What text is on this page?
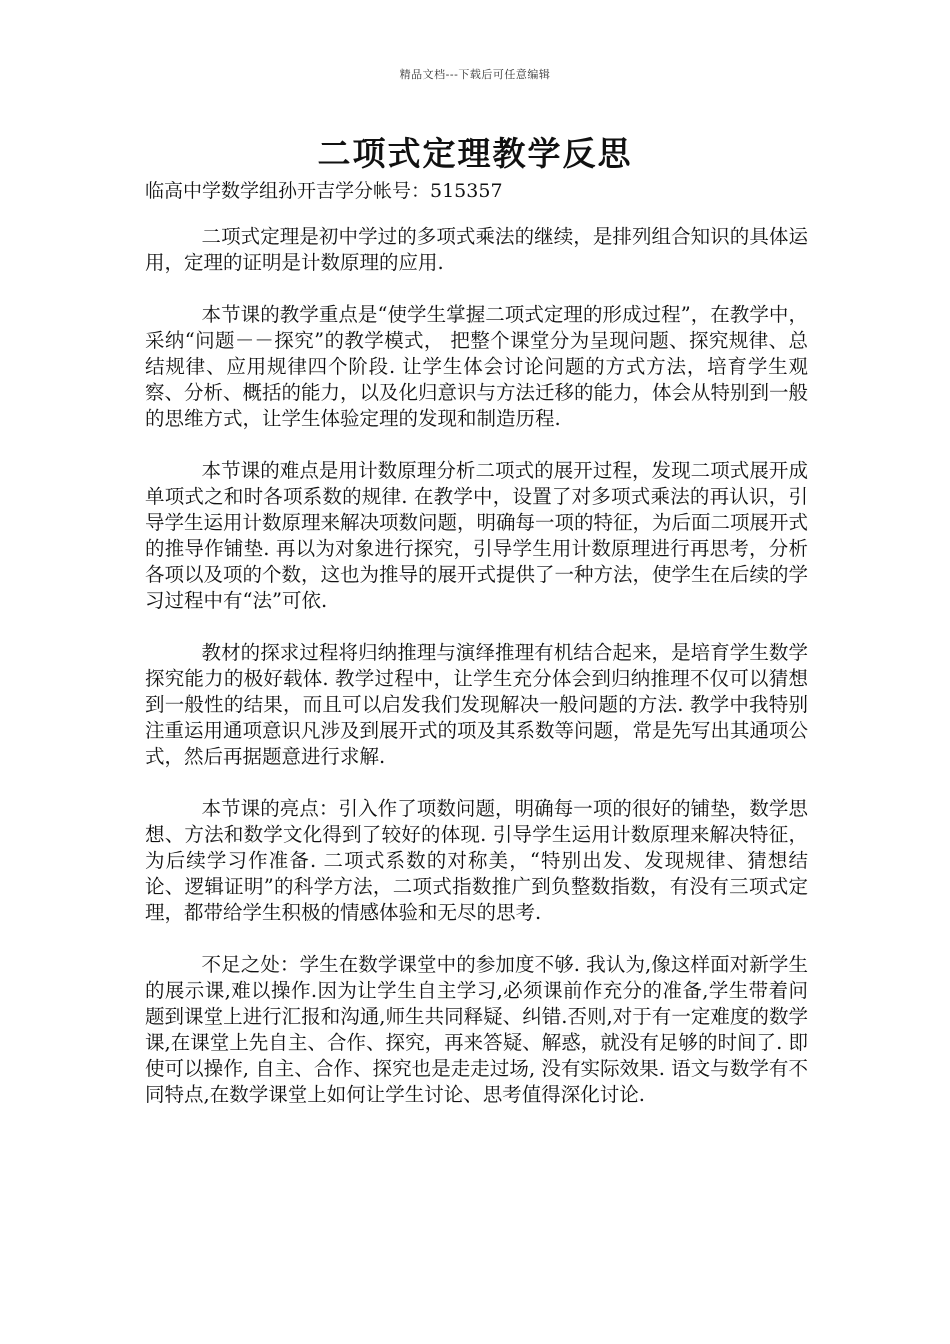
精品文档---下载后可任意编辑
二项式定理教学反思
临高中学数学组孙开吉学分帐号：515357

二项式定理是初中学过的多项式乘法的继续，是排列组合知识的具体运用，定理的证明是计数原理的应用.

本节课的教学重点是“使学生掌握二项式定理的形成过程”，在教学中，采纳“问题－－探究”的教学模式， 把整个课堂分为呈现问题、探究规律、总结规律、应用规律四个阶段. 让学生体会讨论问题的方式方法，培育学生观察、分析、概括的能力，以及化归意识与方法迁移的能力，体会从特别到一般的思维方式，让学生体验定理的发现和制造历程.

本节课的难点是用计数原理分析二项式的展开过程，发现二项式展开成单项式之和时各项系数的规律. 在教学中，设置了对多项式乘法的再认识，引导学生运用计数原理来解决项数问题，明确每一项的特征，为后面二项展开式的推导作铺垫. 再以为对象进行探究，引导学生用计数原理进行再思考，分析各项以及项的个数，这也为推导的展开式提供了一种方法，使学生在后续的学习过程中有“法”可依.

教材的探求过程将归纳推理与演绎推理有机结合起来，是培育学生数学探究能力的极好载体. 教学过程中，让学生充分体会到归纳推理不仅可以猜想到一般性的结果，而且可以启发我们发现解决一般问题的方法. 教学中我特别注重运用通项意识凡涉及到展开式的项及其系数等问题，常是先写出其通项公式，然后再据题意进行求解.

本节课的亮点：引入作了项数问题，明确每一项的很好的铺垫，数学思想、方法和数学文化得到了较好的体现. 引导学生运用计数原理来解决特征，为后续学习作准备. 二项式系数的对称美，“特别出发、发现规律、猜想结论、逻辑证明”的科学方法，二项式指数推广到负整数指数，有没有三项式定理，都带给学生积极的情感体验和无尽的思考.

不足之处：学生在数学课堂中的参加度不够. 我认为,像这样面对新学生的展示课,难以操作.因为让学生自主学习,必须课前作充分的准备,学生带着问题到课堂上进行汇报和沟通,师生共同释疑、纠错.否则,对于有一定难度的数学课,在课堂上先自主、合作、探究，再来答疑、解惑，就没有足够的时间了. 即使可以操作, 自主、合作、探究也是走走过场, 没有实际效果. 语文与数学有不同特点,在数学课堂上如何让学生讨论、思考值得深化讨论.
